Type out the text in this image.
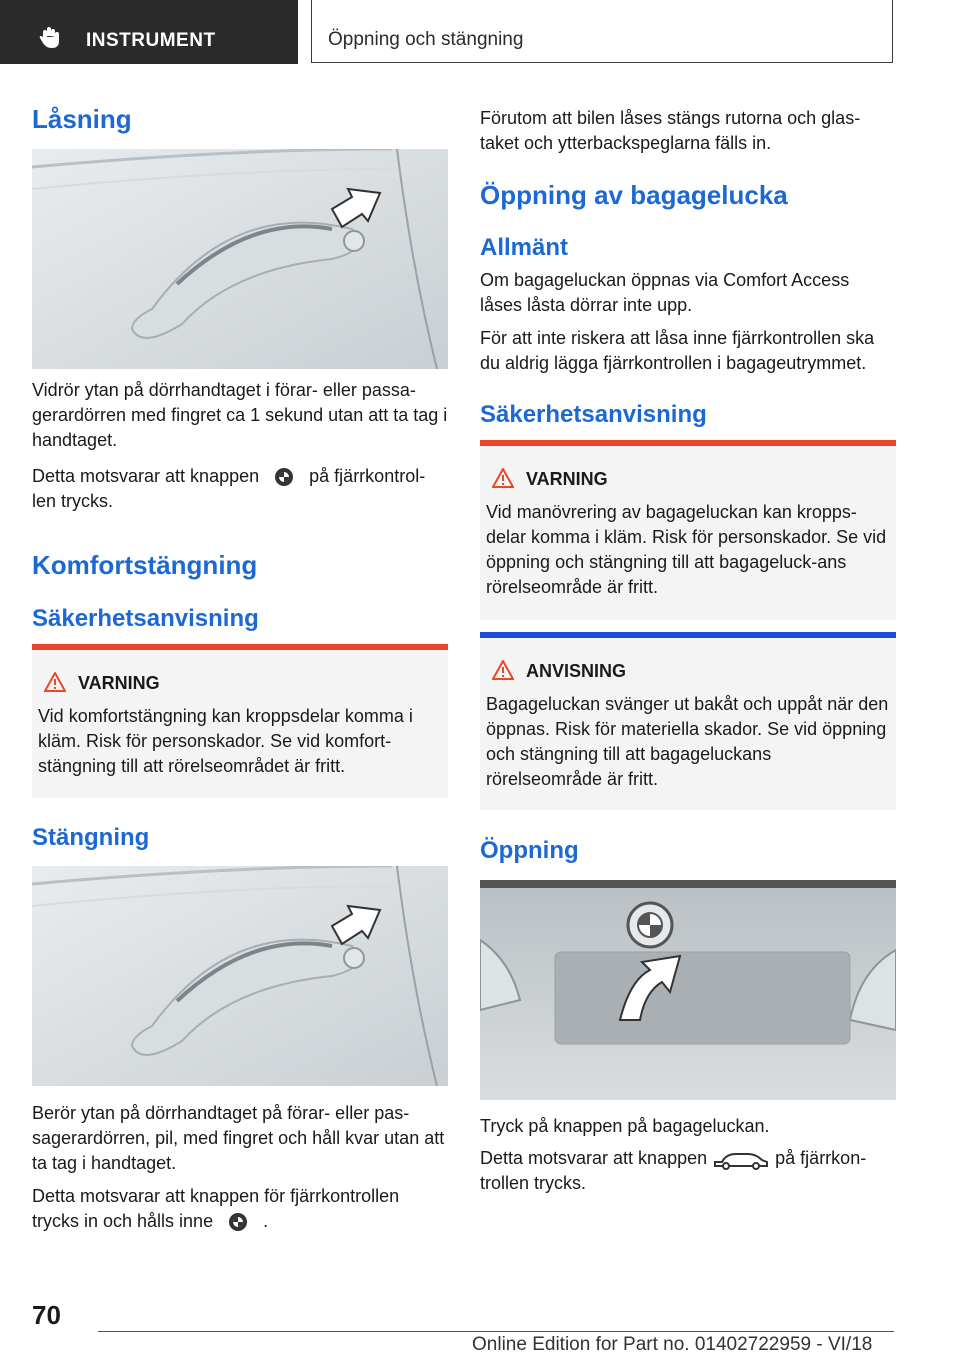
INSTRUMENT	Öppning och stängning
Låsning

Vidrör ytan på dörrhandtaget i förar- eller passa-gerardörren med fingret ca 1 sekund utan att ta tag i handtaget.

Detta motsvarar att knappen	på fjärrkontrol-len trycks.

Komfortstängning
Säkerhetsanvisning
VARNING
Vid komfortstängning kan kroppsdelar komma i kläm. Risk för personskador. Se vid komfort-stängning till att rörelseområdet är fritt.
Stängning

Berör ytan på dörrhandtaget på förar- eller pas-sagerardörren, pil, med fingret och håll kvar utan att ta tag i handtaget.

Detta motsvarar att knappen för fjärrkontrollen trycks in och hålls inne	.

Förutom att bilen låses stängs rutorna och glas-taket och ytterbackspeglarna fälls in.

Öppning av bagagelucka
Allmänt

Om bagageluckan öppnas via Comfort Access låses låsta dörrar inte upp.

För att inte riskera att låsa inne fjärrkontrollen ska du aldrig lägga fjärrkontrollen i bagageutrymmet.

Säkerhetsanvisning
VARNING
Vid manövrering av bagageluckan kan kropps-delar komma i kläm. Risk för personskador. Se vid öppning och stängning till att bagageluck-ans rörelseområde är fritt.
ANVISNING
Bagageluckan svänger ut bakåt och uppåt när den öppnas. Risk för materiella skador. Se vid öppning och stängning till att bagageluckans rörelseområde är fritt.
Öppning

Tryck på knappen på bagageluckan.

Detta motsvarar att knappen	på fjärrkon-trollen trycks.

70
Online Edition for Part no. 01402722959 - VI/18
